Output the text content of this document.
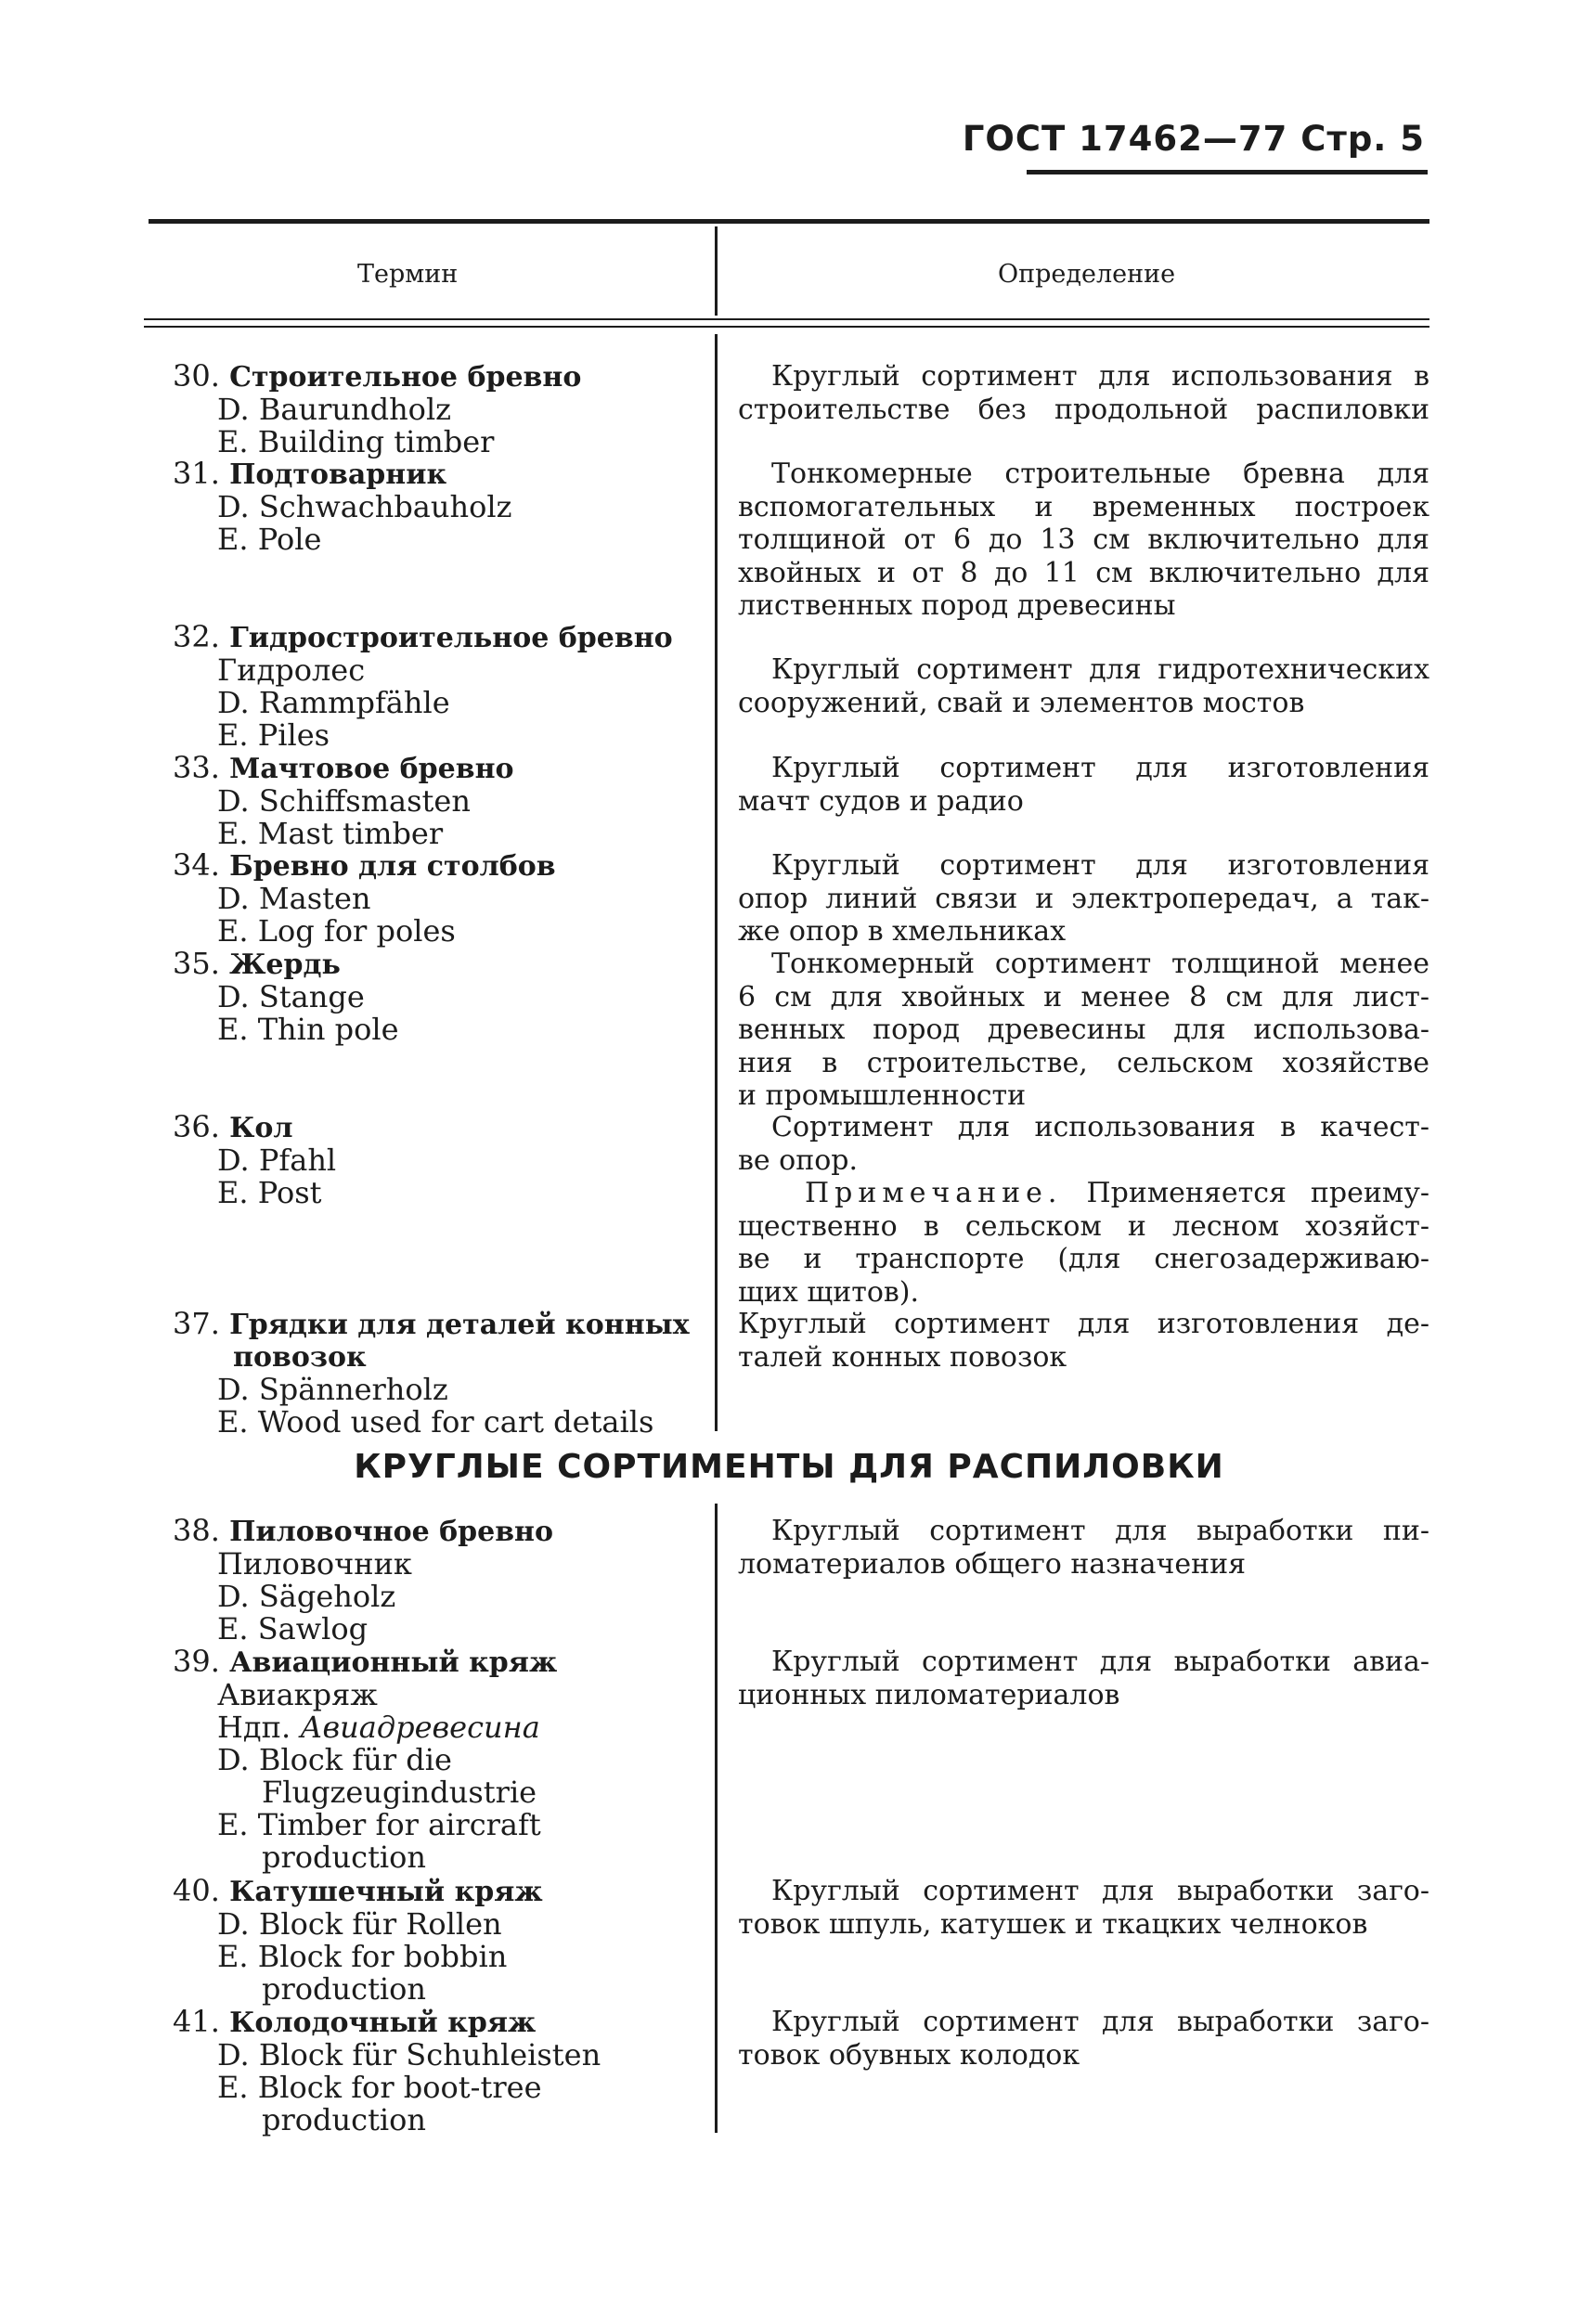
ГОСТ 17462—77 Стр. 5
Термин	Определение
30. Строительное бревно
D. Baurundholz
E. Building timber
Круглый сортимент для использования в
строительстве без продольной распиловки
31. Подтоварник
D. Schwachbauholz
E. Pole
Тонкомерные строительные бревна для
вспомогательных и временных построек
толщиной от 6 до 13 см включительно для
хвойных и от 8 до 11 см включительно для
лиственных пород древесины
32. Гидростроительное бревно
Гидролес
D. Rammpfähle
E. Piles
Круглый сортимент для гидротехнических
сооружений, свай и элементов мостов
33. Мачтовое бревно
D. Schiffsmasten
E. Mast timber
Круглый сортимент для изготовления
мачт судов и радио
34. Бревно для столбов
D. Masten
E. Log for poles
Круглый сортимент для изготовления
опор линий связи и электропередач, а так-
же опор в хмельниках
35. Жердь
D. Stange
E. Thin pole
Тонкомерный сортимент толщиной менее
6 см для хвойных и менее 8 см для лист-
венных пород древесины для использова-
ния в строительстве, сельском хозяйстве
и промышленности
36. Кол
D. Pfahl
E. Post
Сортимент для использования в качест-
ве опор.
Примечание. Применяется преиму-
щественно в сельском и лесном хозяйст-
ве и транспорте (для снегозадерживаю-
щих щитов).
37. Грядки для деталей конных
повозок
D. Spännerholz
E. Wood used for cart details
Круглый сортимент для изготовления де-
талей конных повозок
КРУГЛЫЕ СОРТИМЕНТЫ ДЛЯ РАСПИЛОВКИ
38. Пиловочное бревно
Пиловочник
D. Sägeholz
E. Sawlog
Круглый сортимент для выработки пи-
ломатериалов общего назначения
39. Авиационный кряж
Авиакряж
Ндп. Авиадревесина
D. Block für die
Flugzeugindustrie
E. Timber for aircraft
production
Круглый сортимент для выработки авиа-
ционных пиломатериалов
40. Катушечный кряж
D. Block für Rollen
E. Block for bobbin
production
Круглый сортимент для выработки заго-
товок шпуль, катушек и ткацких челноков
41. Колодочный кряж
D. Block für Schuhleisten
E. Block for boot-tree
production
Круглый сортимент для выработки заго-
товок обувных колодок
